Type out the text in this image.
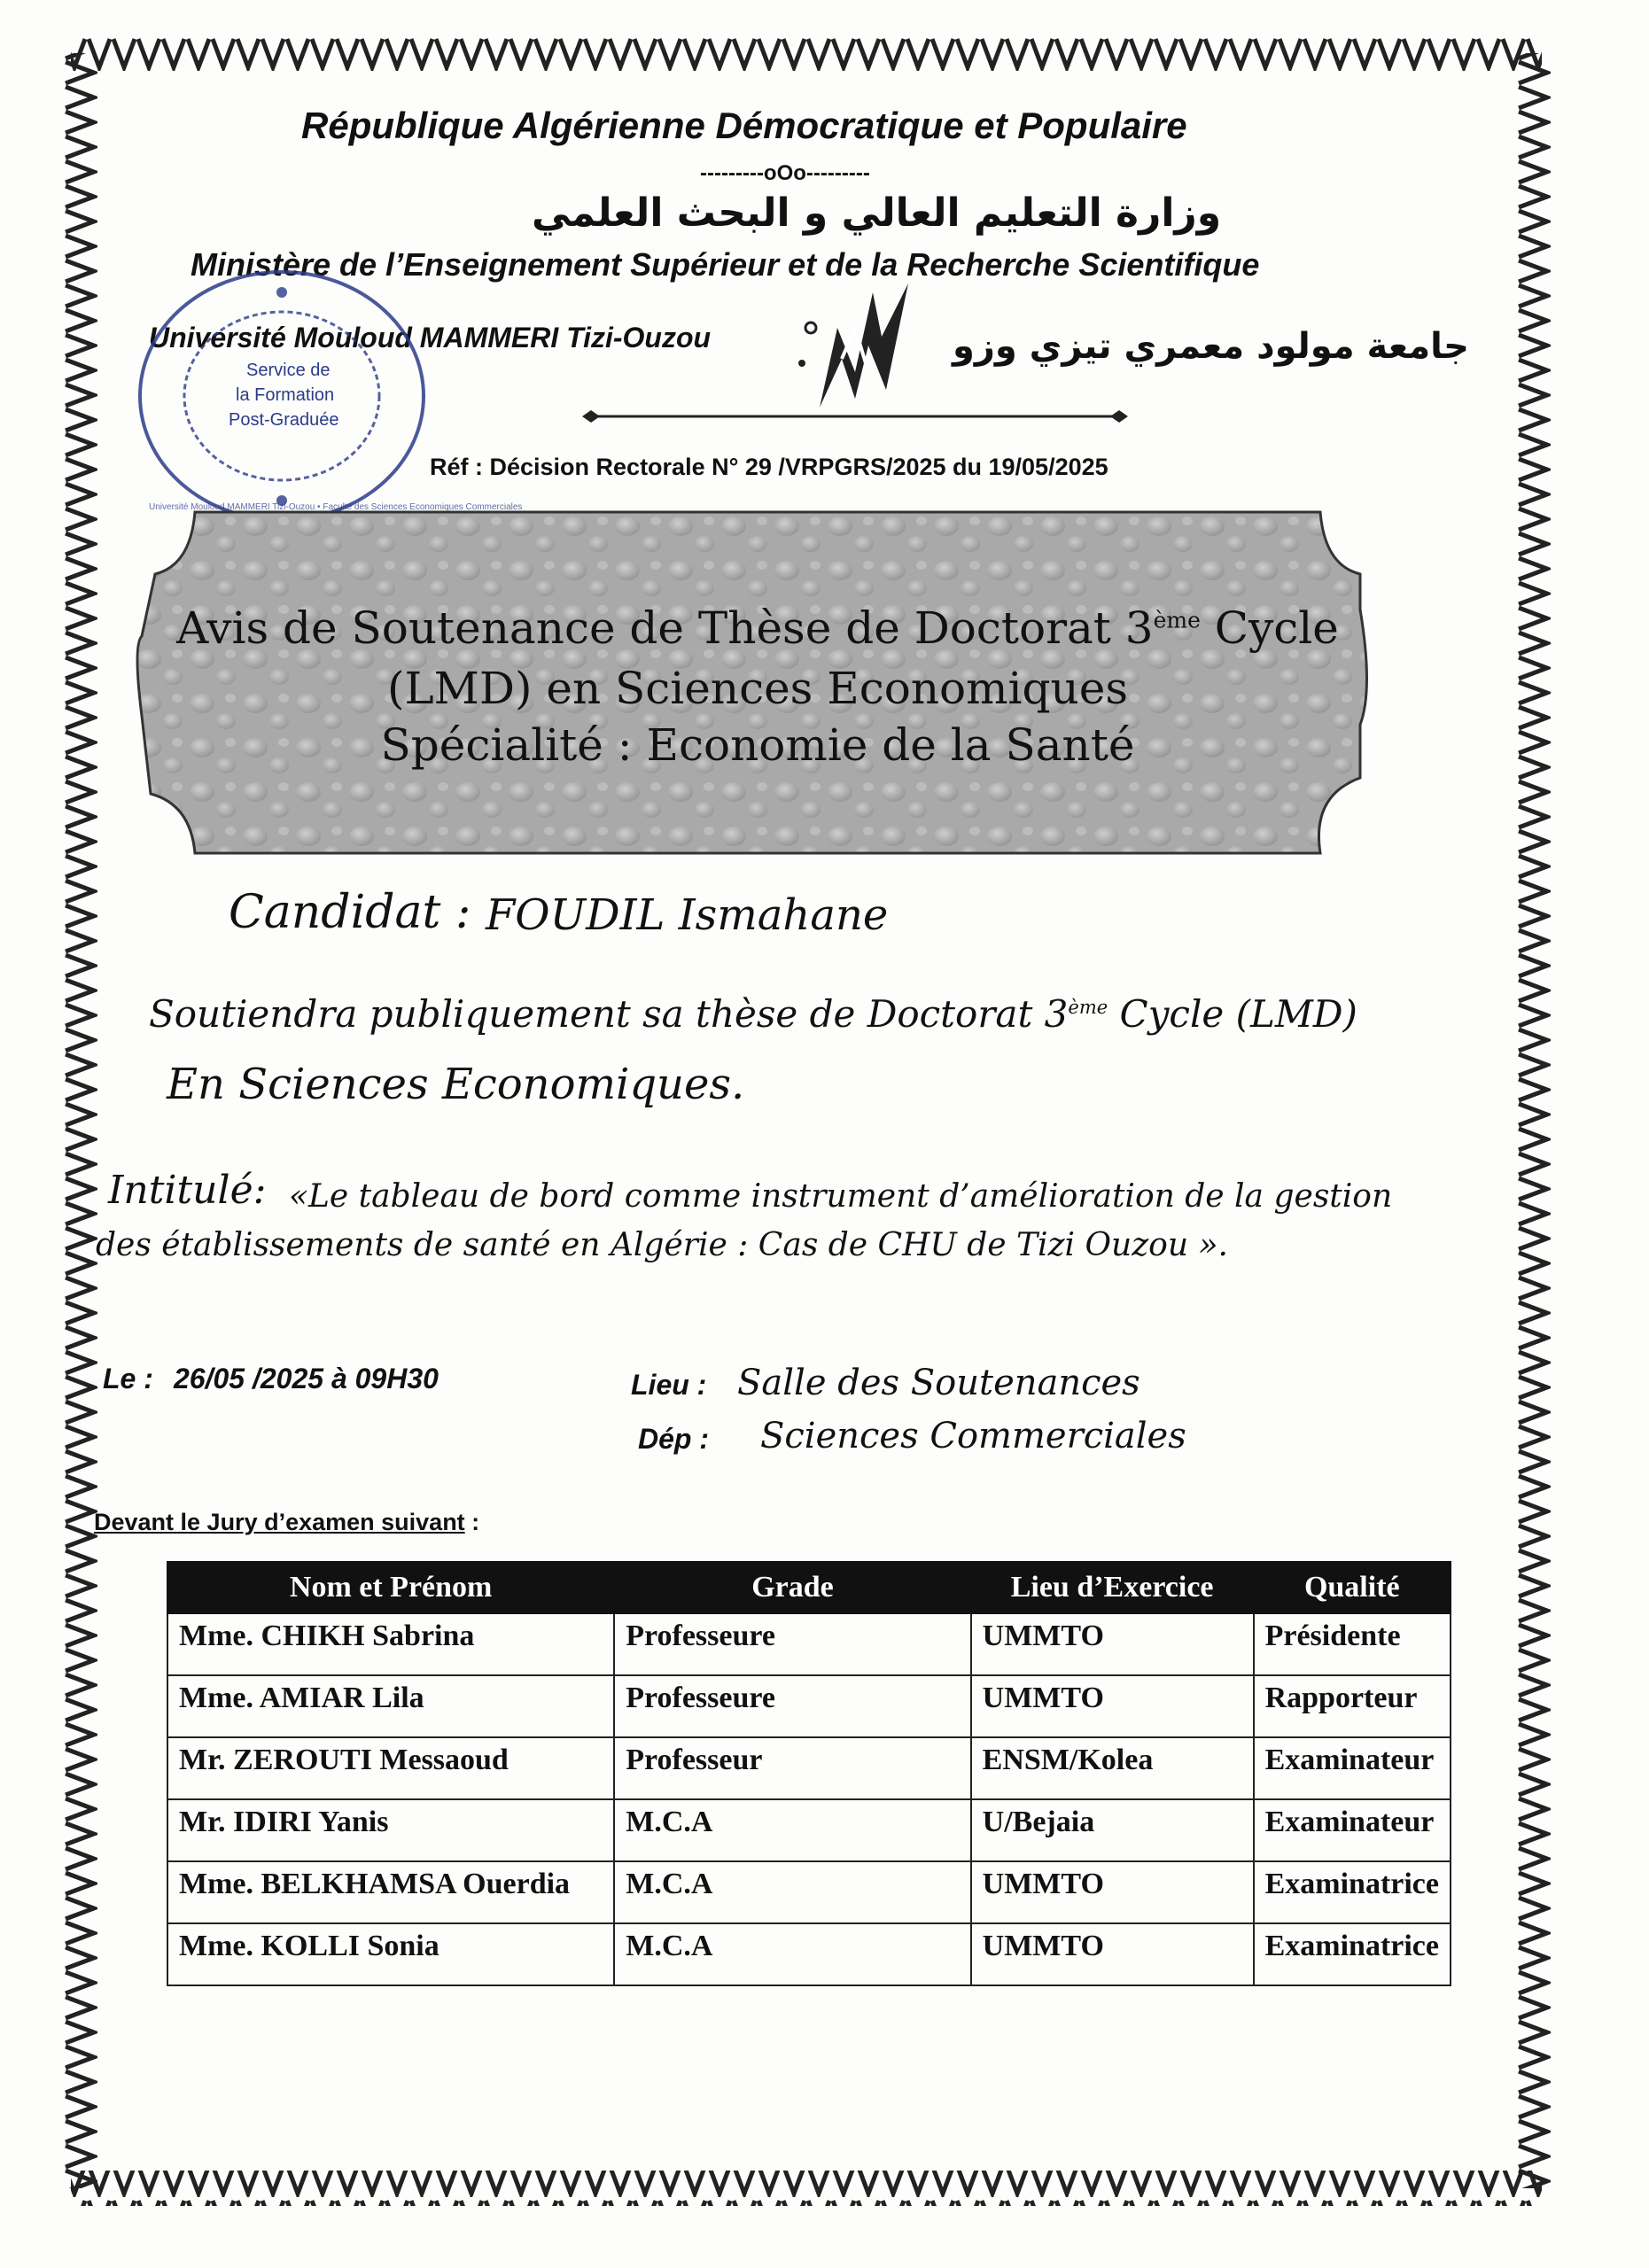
République Algérienne Démocratique et Populaire
---------oOo---------
وزارة التعليم العالي و البحث العلمي
Ministère de l’Enseignement Supérieur et de la Recherche Scientifique
Université Mouloud MAMMERI Tizi-Ouzou	جامعة مولود معمري تيزي وزو
Réf : Décision Rectorale N° 29 /VRPGRS/2025 du 19/05/2025
Service de
la Formation
Post-Graduée
Université Mouloud MAMMERI Tizi-Ouzou • Faculté des Sciences Economiques Commerciales
Avis de Soutenance de Thèse de Doctorat 3ème Cycle
(LMD) en Sciences Economiques
Spécialité : Economie de la Santé
Candidat : FOUDIL Ismahane
Soutiendra publiquement sa thèse de Doctorat 3ème Cycle (LMD)
En Sciences Economiques.
Intitulé: «Le tableau de bord comme instrument d’amélioration de la gestion
des établissements de santé en Algérie : Cas de CHU de Tizi Ouzou ».
Le : 26/05 /2025 à 09H30	Lieu : Salle des Soutenances
Dép : Sciences Commerciales
Devant le Jury d’examen suivant :
Nom et Prénom	Grade	Lieu d’Exercice	Qualité
Mme. CHIKH Sabrina	Professeure	UMMTO	Présidente
Mme. AMIAR Lila	Professeure	UMMTO	Rapporteur
Mr. ZEROUTI Messaoud	Professeur	ENSM/Kolea	Examinateur
Mr. IDIRI Yanis	M.C.A	U/Bejaia	Examinateur
Mme. BELKHAMSA Ouerdia	M.C.A	UMMTO	Examinatrice
Mme. KOLLI Sonia	M.C.A	UMMTO	Examinatrice
